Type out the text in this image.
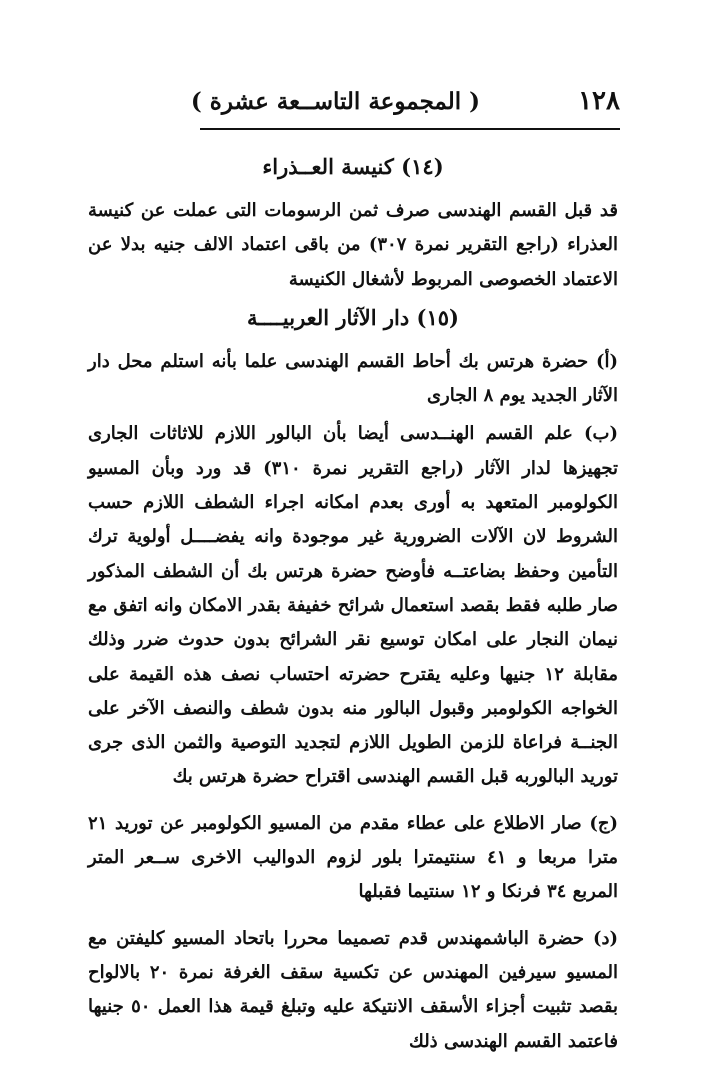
١٢٨
( المجموعة التاســعة عشرة )
(١٤) كنيسة العــذراء

قد قبل القسم الهندسى صرف ثمن الرسومات التى عملت عن كنيسة العذراء (راجع التقرير نمرة ٣٠٧) من باقى اعتماد الالف جنيه بدلا عن الاعتماد الخصوصى المربوط لأشغال الكنيسة

(١٥) دار الآثار العربيــــة

(أ) حضرة هرتس بك أحاط القسم الهندسى علما بأنه استلم محل دار الآثار الجديد يوم ٨ الجارى

(ب) علم القسم الهنــدسى أيضا بأن البالور اللازم للاثاثات الجارى تجهيزها لدار الآثار (راجع التقرير نمرة ٣١٠) قد ورد وبأن المسيو الكولومبر المتعهد به أورى بعدم امكانه اجراء الشطف اللازم حسب الشروط لان الآلات الضرورية غير موجودة وانه يفضــــل أولوية ترك التأمين وحفظ بضاعتــه فأوضح حضرة هرتس بك أن الشطف المذكور صار طلبه فقط بقصد استعمال شرائح خفيفة بقدر الامكان وانه اتفق مع نيمان النجار على امكان توسيع نقر الشرائح بدون حدوث ضرر وذلك مقابلة ١٢ جنيها وعليه يقترح حضرته احتساب نصف هذه القيمة على الخواجه الكولومبر وقبول البالور منه بدون شطف والنصف الآخر على الجنــة فراعاة للزمن الطويل اللازم لتجديد التوصية والثمن الذى جرى توريد البالوربه قبل القسم الهندسى اقتراح حضرة هرتس بك

(ج) صار الاطلاع على عطاء مقدم من المسيو الكولومبر عن توريد ٢١ مترا مربعا و ٤١ سنتيمترا بلور لزوم الدواليب الاخرى ســعر المتر المربع ٣٤ فرنكا و ١٢ سنتيما فقبلها

(د) حضرة الباشمهندس قدم تصميما محررا باتحاد المسيو كليفتن مع المسيو سيرفين المهندس عن تكسية سقف الغرفة نمرة ٢٠ بالالواح بقصد تثبيت أجزاء الأسقف الانتيكة عليه وتبلغ قيمة هذا العمل ٥٠ جنيها فاعتمد القسم الهندسى ذلك
